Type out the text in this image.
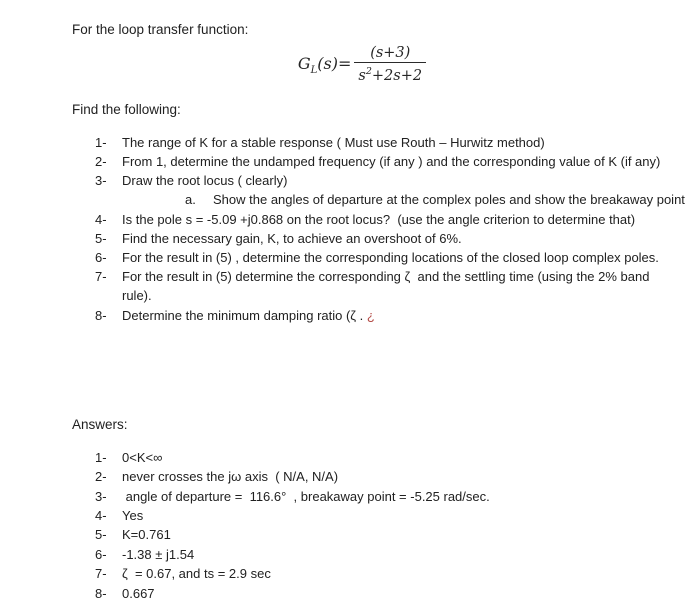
For the loop transfer function:

$G_L(s)= \frac{(s+3)}{s^2+2s+2}$

Find the following:

1-	The range of K for a stable response ( Must use Routh – Hurwitz method)
2-	From 1, determine the undamped frequency (if any ) and the corresponding value of K (if any)
3-	Draw the root locus ( clearly)
a.	Show the angles of departure at the complex poles and show the breakaway point
4-	Is the pole s = -5.09 +j0.868 on the root locus?  (use the angle criterion to determine that)
5-	Find the necessary gain, K, to achieve an overshoot of 6%.
6-	For the result in (5) , determine the corresponding locations of the closed loop complex poles.
7-	For the result in (5) determine the corresponding ζ  and the settling time (using the 2% band
rule).
8-	Determine the minimum damping ratio (ζ . ¿

Answers:

1-	0<K<∞
2-	never crosses the jω axis  ( N/A, N/A)
3-	angle of departure =  116.6°  , breakaway point = -5.25 rad/sec.
4-	Yes
5-	K=0.761
6-	-1.38 ± j1.54
7-	ζ  = 0.67, and ts = 2.9 sec
8-	0.667
